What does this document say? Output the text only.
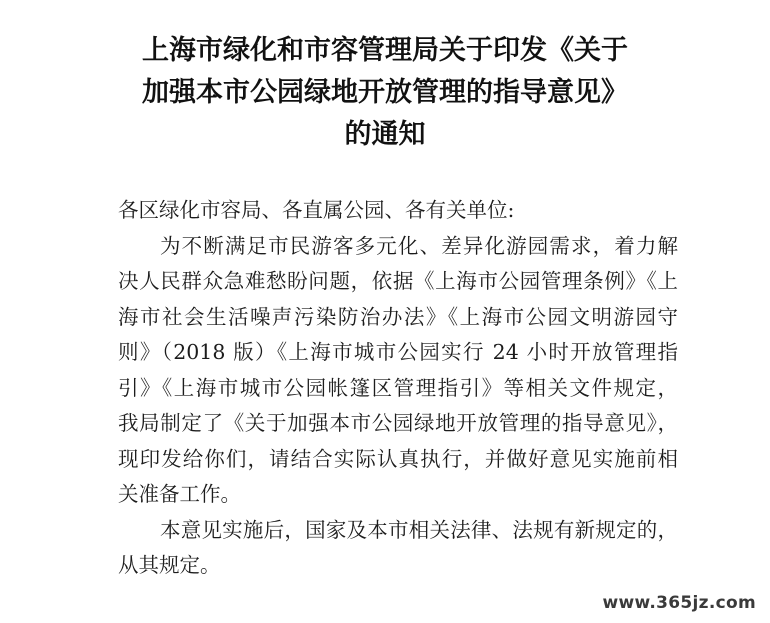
上海市绿化和市容管理局关于印发《关于
加强本市公园绿地开放管理的指导意见》
的通知
各区绿化市容局、各直属公园、各有关单位:
为不断满足市民游客多元化、差异化游园需求，着力解
决人民群众急难愁盼问题，依据《上海市公园管理条例》《上
海市社会生活噪声污染防治办法》《上海市公园文明游园守
则》（2018 版）《上海市城市公园实行 24 小时开放管理指
引》《上海市城市公园帐篷区管理指引》等相关文件规定，
我局制定了《关于加强本市公园绿地开放管理的指导意见》，
现印发给你们，请结合实际认真执行，并做好意见实施前相
关准备工作。
本意见实施后，国家及本市相关法律、法规有新规定的，
从其规定。
www.365jz.com
